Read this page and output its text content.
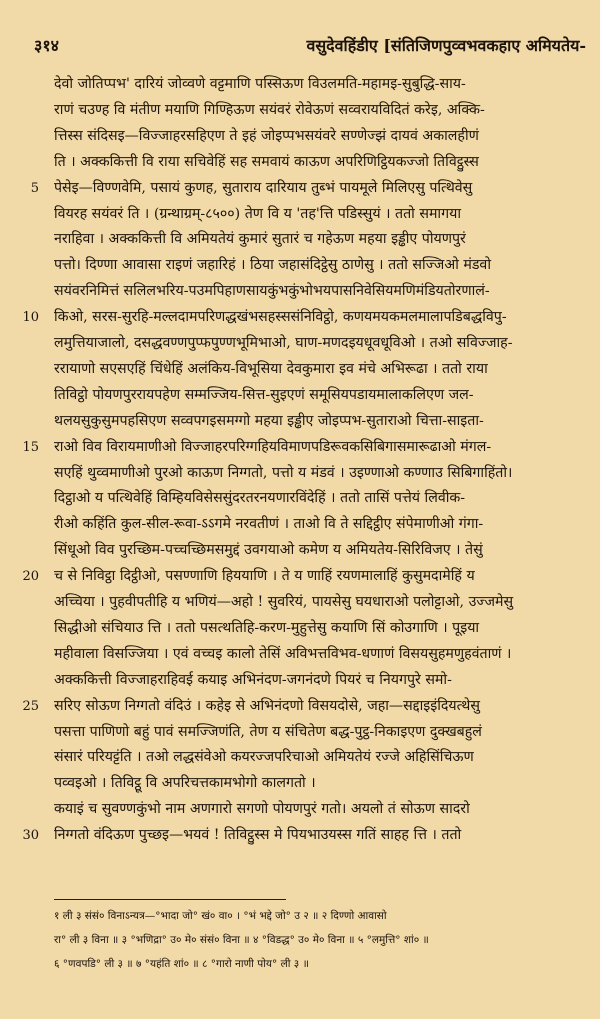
३१४	वसुदेवहिंडीए [संतिजिणपुव्वभवकहाए अमियतेय-
देवो जोतिप्पभ' दारियं जोव्वणे वट्टमाणि पस्सिऊण विउलमति-महामइ-सुबुद्धि-साय-
राणं चउण्ह वि मंतीण मयाणि गिण्हिऊण सयंवरं रोवेऊणं सव्वरायविदितं करेइ, अक्कि-
त्तिस्स संदिसइ—विज्जाहरसहिएण ते इहं जोइप्पभसयंवरे सण्णेज्झं दायवं अकालहीणं
ति । अक्ककित्ती वि राया सचिवेहिं सह समवायं काऊण अपरिणिट्ठियकज्जो तिविट्ठुस्स
5 पेसेइ—विण्णवेमि, पसायं कुणह, सुताराय दारियाय तुब्भं पायमूले मिलिएसु पत्थिवेसु
वियरह सयंवरं ति । (ग्रन्थाग्रम्-८५००) तेण वि य 'तह'त्ति पडिस्सुयं । ततो समागया
नराहिवा । अक्ककित्ती वि अमियतेयं कुमारं सुतारं च गहेऊण महया इड्ढीए पोयणपुरं
पत्तो। दिण्णा आवासा राइणं जहारिहं । ठिया जहासंदिट्ठेसु ठाणेसु । ततो सज्जिओ मंडवो
सयंवरनिमित्तं सलिलभरिय-पउमपिहाणसायकुंभकुंभोभयपासनिवेसियमणिमंडियतोरणालं-
10 किओ, सरस-सुरहि-मल्लदामपरिणद्धखंभसहस्ससंनिविट्ठो, कणयमयकमलमालापडिबद्धविपु-
लमुत्तियाजालो, दसद्धवण्णपुप्फपुण्णभूमिभाओ, घाण-मणदइयधूवधूविओ । तओ सविज्जाह-
ररायाणो सएसएहिं चिंधेहिं अलंकिय-विभूसिया देवकुमारा इव मंचे अभिरूढा । ततो राया
तिविट्ठो पोयणपुररायपहेण सम्मज्जिय-सित्त-सुइएणं समूसियपडायमालाकलिएण जल-
थलयसुकुसुमपहसिएण सव्वपगइसमग्गो महया इड्ढीए जोइप्पभ-सुताराओ चित्ता-साइता-
15 राओ विव विरायमाणीओ विज्जाहरपरिग्गहियविमाणपडिरूवकसिबिगासमारूढाओ मंगल-
सएहिं थुव्वमाणीओ पुरओ काऊण निग्गतो, पत्तो य मंडवं । उइण्णाओ कण्णाउ सिबिगाहिंतो।
दिट्ठाओ य पत्थिवेहिं विम्हियविसेससुंदरतरनयणारविंदेहिं । ततो तासिं पत्तेयं लिवीक-
रीओ कहिंति कुल-सील-रूवा-ऽऽगमे नरवतीणं । ताओ वि ते सद्दिट्ठीए संपेमाणीओ गंगा-
सिंधूओ विव पुरच्छिम-पच्चच्छिमसमुद्दं उवगयाओ कमेण य अमियतेय-सिरिविजए । तेसुं
20 च से निविट्ठा दिट्ठीओ, पसण्णाणि हिययाणि । ते य णाहिं रयणमालाहिं कुसुमदामेहिं य
अच्चिया । पुहवीपतीहि य भणियं—अहो ! सुवरियं, पायसेसु घयधाराओ पलोट्टाओ, उज्जमेसु
सिद्धीओ संचियाउ त्ति । ततो पसत्थतिहि-करण-मुहुत्तेसु कयाणि सिं कोउगाणि । पूइया
महीवाला विसज्जिया । एवं वच्चइ कालो तेसिं अविभत्तविभव-धणाणं विसयसुहमणुहवंताणं ।
अक्ककित्ती विज्जाहराहिवई कयाइ अभिनंदण-जगनंदणे पियरं च नियगपुरे समो-
25 सरिए सोऊण निग्गतो वंदिउं । कहेइ से अभिनंदणो विसयदोसे, जहा—सद्दाइइंदियत्थेसु
पसत्ता पाणिणो बहुं पावं समज्जिणंति, तेण य संचितेण बद्ध-पुट्ठ-निकाइएण दुक्खबहुलं
संसारं परियट्टंति । तओ लद्धसंवेओ कयरज्जपरिचाओ अमियतेयं रज्जे अहिसिंचिऊण
पव्वइओ । तिविट्ठू वि अपरिचत्तकामभोगो कालगतो ।
कयाइं च सुवण्णकुंभो नाम अणगारो सगणो पोयणपुरं गतो। अयलो तं सोऊण सादरो
30 निग्गतो वंदिऊण पुच्छइ—भयवं ! तिविट्ठुस्स मे पियभाउयस्स गतिं साहह त्ति । ततो
१ ली ३ संसं० विनाऽन्यत्र—°भादा जो° खं० वा० । °भं भद्दे जो° उ २ ॥ २ दिण्णो आवासो
रा° ली ३ विना ॥ ३ °भणिद्रा° उ० मे० संसं० विना ॥ ४ °विडद्ध° उ० मे० विना ॥ ५ °लमुत्ति° शां० ॥
६ °णवपडि° ली ३ ॥ ७ °यहंति शां० ॥ ८ °गारो नाणी पोय° ली ३ ॥
